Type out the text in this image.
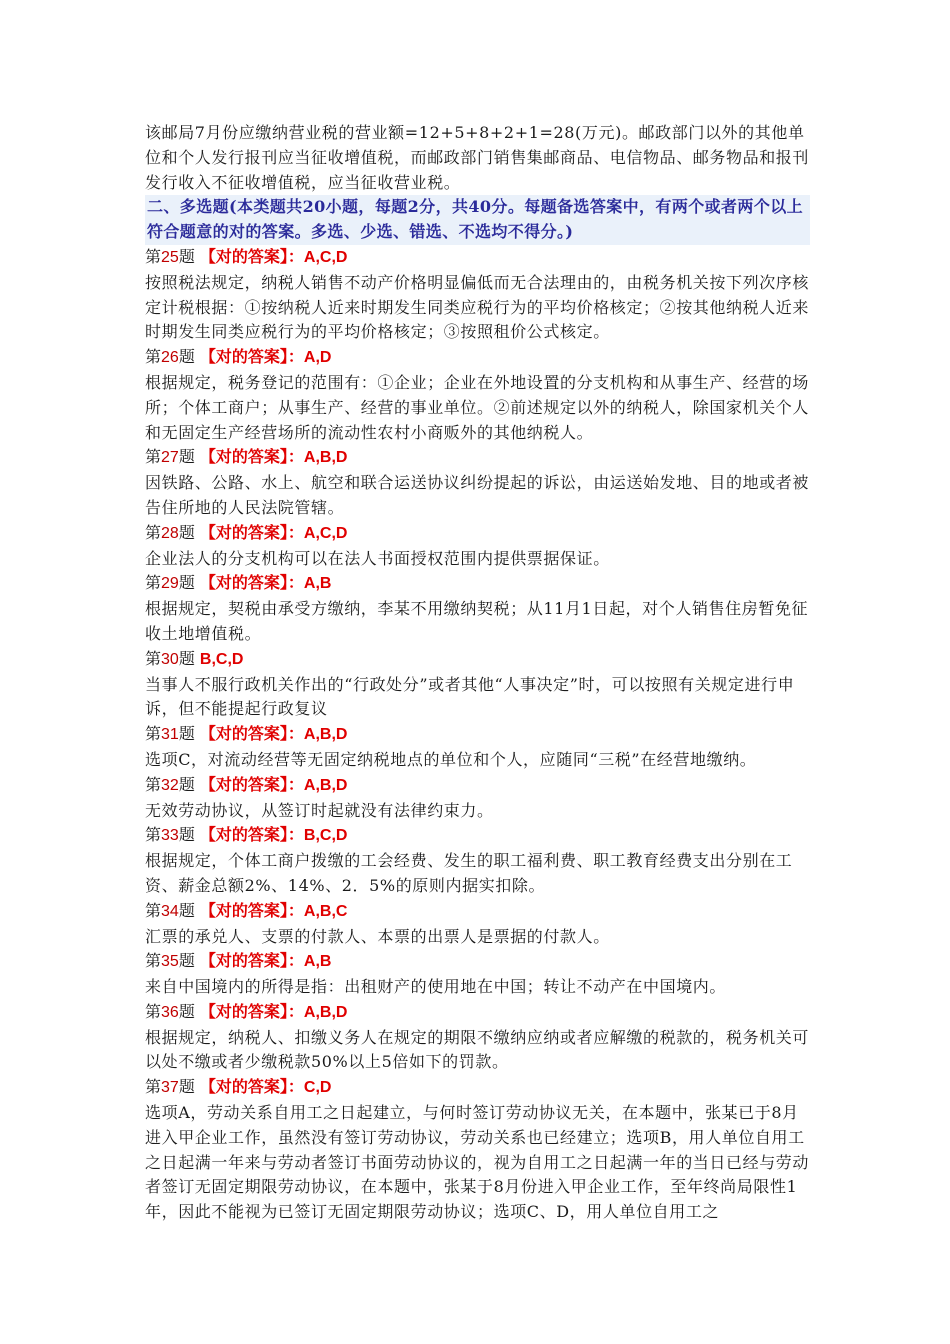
该邮局7月份应缴纳营业税的营业额=12+5+8+2+1=28(万元)。邮政部门以外的其他单位和个人发行报刊应当征收增值税，而邮政部门销售集邮商品、电信物品、邮务物品和报刊发行收入不征收增值税，应当征收营业税。

二、多选题(本类题共20小题，每题2分，共40分。每题备选答案中，有两个或者两个以上符合题意的对的答案。多选、少选、错选、不选均不得分。)

第25题 【对的答案】：A,C,D

按照税法规定，纳税人销售不动产价格明显偏低而无合法理由的，由税务机关按下列次序核定计税根据：①按纳税人近来时期发生同类应税行为的平均价格核定；②按其他纳税人近来时期发生同类应税行为的平均价格核定；③按照租价公式核定。

第26题 【对的答案】：A,D

根据规定，税务登记的范围有：①企业；企业在外地设置的分支机构和从事生产、经营的场所；个体工商户；从事生产、经营的事业单位。②前述规定以外的纳税人，除国家机关个人和无固定生产经营场所的流动性农村小商贩外的其他纳税人。

第27题 【对的答案】：A,B,D

因铁路、公路、水上、航空和联合运送协议纠纷提起的诉讼，由运送始发地、目的地或者被告住所地的人民法院管辖。

第28题 【对的答案】：A,C,D

企业法人的分支机构可以在法人书面授权范围内提供票据保证。

第29题 【对的答案】：A,B

根据规定，契税由承受方缴纳，李某不用缴纳契税；从11月1日起，对个人销售住房暂免征收土地增值税。

第30题 B,C,D

当事人不服行政机关作出的“行政处分”或者其他“人事决定”时，可以按照有关规定进行申诉，但不能提起行政复议

第31题 【对的答案】：A,B,D

选项C，对流动经营等无固定纳税地点的单位和个人，应随同“三税”在经营地缴纳。

第32题 【对的答案】：A,B,D

无效劳动协议，从签订时起就没有法律约束力。

第33题 【对的答案】：B,C,D

根据规定，个体工商户拨缴的工会经费、发生的职工福利费、职工教育经费支出分别在工资、薪金总额2%、14%、2．5%的原则内据实扣除。

第34题 【对的答案】：A,B,C

汇票的承兑人、支票的付款人、本票的出票人是票据的付款人。

第35题 【对的答案】：A,B

来自中国境内的所得是指：出租财产的使用地在中国；转让不动产在中国境内。

第36题 【对的答案】：A,B,D

根据规定，纳税人、扣缴义务人在规定的期限不缴纳应纳或者应解缴的税款的，税务机关可以处不缴或者少缴税款50%以上5倍如下的罚款。

第37题 【对的答案】：C,D

选项A，劳动关系自用工之日起建立，与何时签订劳动协议无关，在本题中，张某已于8月进入甲企业工作，虽然没有签订劳动协议，劳动关系也已经建立；选项B，用人单位自用工之日起满一年来与劳动者签订书面劳动协议的，视为自用工之日起满一年的当日已经与劳动者签订无固定期限劳动协议，在本题中，张某于8月份进入甲企业工作，至年终尚局限性1年，因此不能视为已签订无固定期限劳动协议；选项C、D，用人单位自用工之
